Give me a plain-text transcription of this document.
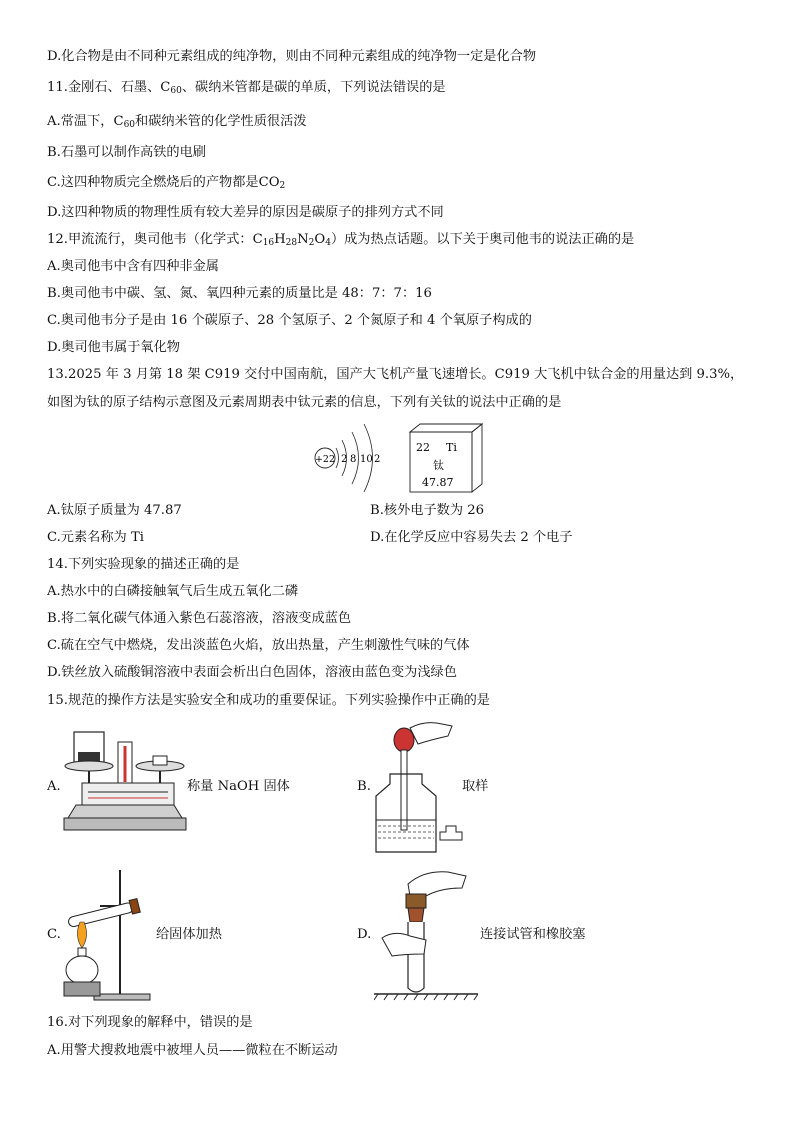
D.化合物是由不同种元素组成的纯净物，则由不同种元素组成的纯净物一定是化合物
11.金刚石、石墨、$C_{60}$、碳纳米管都是碳的单质，下列说法错误的是
A.常温下，$C_{60}$和碳纳米管的化学性质很活泼
B.石墨可以制作高铁的电刷
C.这四种物质完全燃烧后的产物都是$CO_2$
D.这四种物质的物理性质有较大差异的原因是碳原子的排列方式不同
12.甲流流行，奥司他韦（化学式：$C_{16}H_{28}N_2O_4$）成为热点话题。以下关于奥司他韦的说法正确的是
A.奥司他韦中含有四种非金属
B.奥司他韦中碳、氢、氮、氧四种元素的质量比是 48：7：7：16
C.奥司他韦分子是由 16 个碳原子、28 个氢原子、2 个氮原子和 4 个氧原子构成的
D.奥司他韦属于氧化物
13.2025 年 3 月第 18 架 C919 交付中国南航，国产大飞机产量飞速增长。C919 大飞机中钛合金的用量达到 9.3%，
如图为钛的原子结构示意图及元素周期表中钛元素的信息，下列有关钛的说法中正确的是
+22 2 8 10 2
22 Ti
钛
47.87
A.钛原子质量为 47.87	B.核外电子数为 26
C.元素名称为 Ti	D.在化学反应中容易失去 2 个电子
14.下列实验现象的描述正确的是
A.热水中的白磷接触氧气后生成五氧化二磷
B.将二氧化碳气体通入紫色石蕊溶液，溶液变成蓝色
C.硫在空气中燃烧，发出淡蓝色火焰，放出热量，产生刺激性气味的气体
D.铁丝放入硫酸铜溶液中表面会析出白色固体，溶液由蓝色变为浅绿色
15.规范的操作方法是实验安全和成功的重要保证。下列实验操作中正确的是
A.	称量 NaOH 固体	B.	取样
C.	给固体加热	D.	连接试管和橡胶塞
16.对下列现象的解释中，错误的是
A.用警犬搜救地震中被埋人员——微粒在不断运动
